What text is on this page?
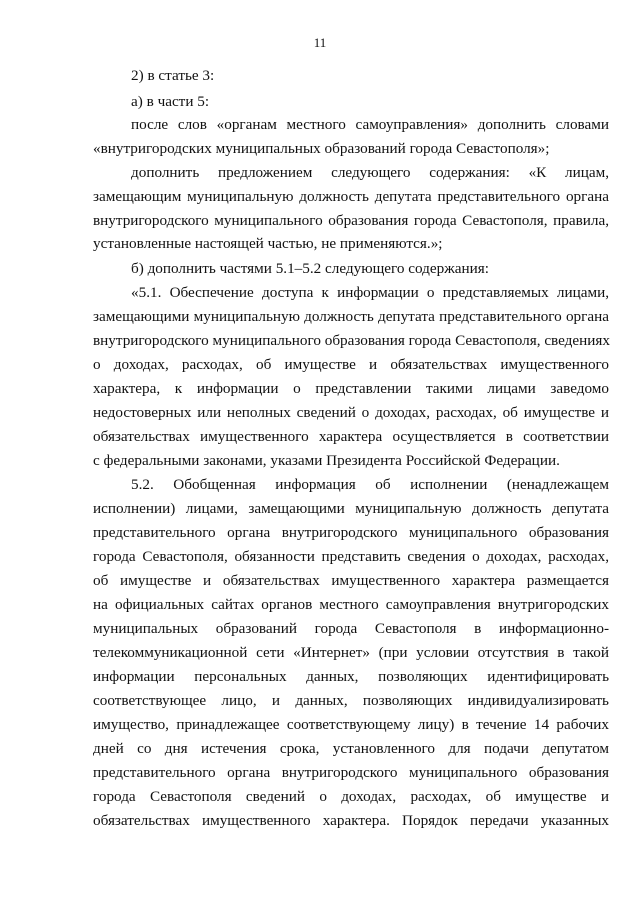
11
2) в статье 3:
а) в части 5:
после слов «органам местного самоуправления» дополнить словами
«внутригородских муниципальных образований города Севастополя»;
дополнить предложением следующего содержания: «К лицам,
замещающим муниципальную должность депутата представительного органа
внутригородского муниципального образования города Севастополя, правила,
установленные настоящей частью, не применяются.»;
б) дополнить частями 5.1–5.2 следующего содержания:
«5.1. Обеспечение доступа к информации о представляемых лицами,
замещающими муниципальную должность депутата представительного органа
внутригородского муниципального образования города Севастополя, сведениях
о доходах, расходах, об имуществе и обязательствах имущественного
характера, к информации о представлении такими лицами заведомо
недостоверных или неполных сведений о доходах, расходах, об имуществе и
обязательствах имущественного характера осуществляется в соответствии
с федеральными законами, указами Президента Российской Федерации.
5.2. Обобщенная информация об исполнении (ненадлежащем
исполнении) лицами, замещающими муниципальную должность депутата
представительного органа внутригородского муниципального образования
города Севастополя, обязанности представить сведения о доходах, расходах,
об имуществе и обязательствах имущественного характера размещается
на официальных сайтах органов местного самоуправления внутригородских
муниципальных образований города Севастополя в информационно-
телекоммуникационной сети «Интернет» (при условии отсутствия в такой
информации персональных данных, позволяющих идентифицировать
соответствующее лицо, и данных, позволяющих индивидуализировать
имущество, принадлежащее соответствующему лицу) в течение 14 рабочих
дней со дня истечения срока, установленного для подачи депутатом
представительного органа внутригородского муниципального образования
города Севастополя сведений о доходах, расходах, об имуществе и
обязательствах имущественного характера. Порядок передачи указанных
